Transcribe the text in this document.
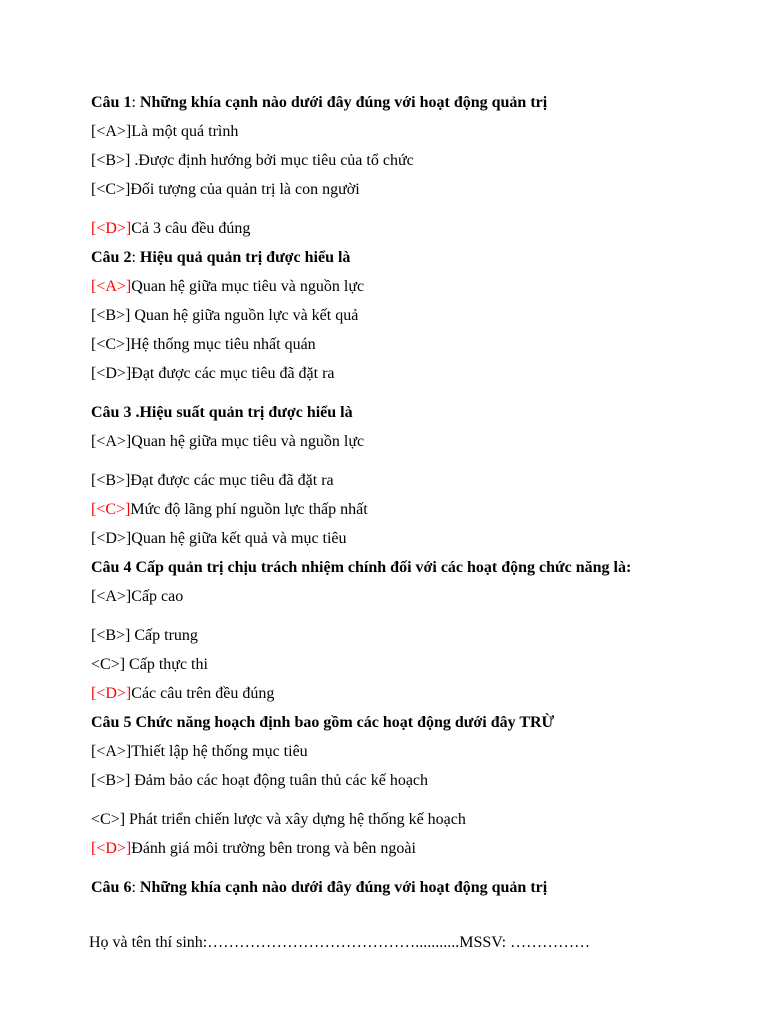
Câu 1: Những khía cạnh nào dưới đây đúng với hoạt động quản trị
[<A>]Là một quá trình
[<B>] .Được định hướng bởi mục tiêu của tổ chức
[<C>]Đối tượng của quản trị là con người
[<D>]Cả 3 câu đều đúng
Câu 2: Hiệu quả quản trị được hiểu là
[<A>]Quan hệ giữa mục tiêu và nguồn lực
[<B>] Quan hệ giữa nguồn lực và kết quả
[<C>]Hệ thống mục tiêu nhất quán
[<D>]Đạt được các mục tiêu đã đặt ra
Câu 3 .Hiệu suất quản trị được hiểu là
[<A>]Quan hệ giữa mục tiêu và nguồn lực
[<B>]Đạt được các mục tiêu đã đặt ra
[<C>]Mức độ lãng phí nguồn lực thấp nhất
[<D>]Quan hệ giữa kết quả và mục tiêu
Câu 4 Cấp quản trị chịu trách nhiệm chính đối với các hoạt động chức năng là:
[<A>]Cấp cao
[<B>] Cấp trung
<C>] Cấp thực thi
[<D>]Các câu trên đều đúng
Câu 5 Chức năng hoạch định bao gồm các hoạt động dưới đây TRỪ
[<A>]Thiết lập hệ thống mục tiêu
[<B>] Đảm bảo các hoạt động tuân thủ các kế hoạch
<C>] Phát triển chiến lược và xây dựng hệ thống kế hoạch
[<D>]Đánh giá môi trường bên trong và bên ngoài
Câu 6: Những khía cạnh nào dưới đây đúng với hoạt động quản trị
Họ và tên thí sinh:…………………………………...........MSSV: ……………
